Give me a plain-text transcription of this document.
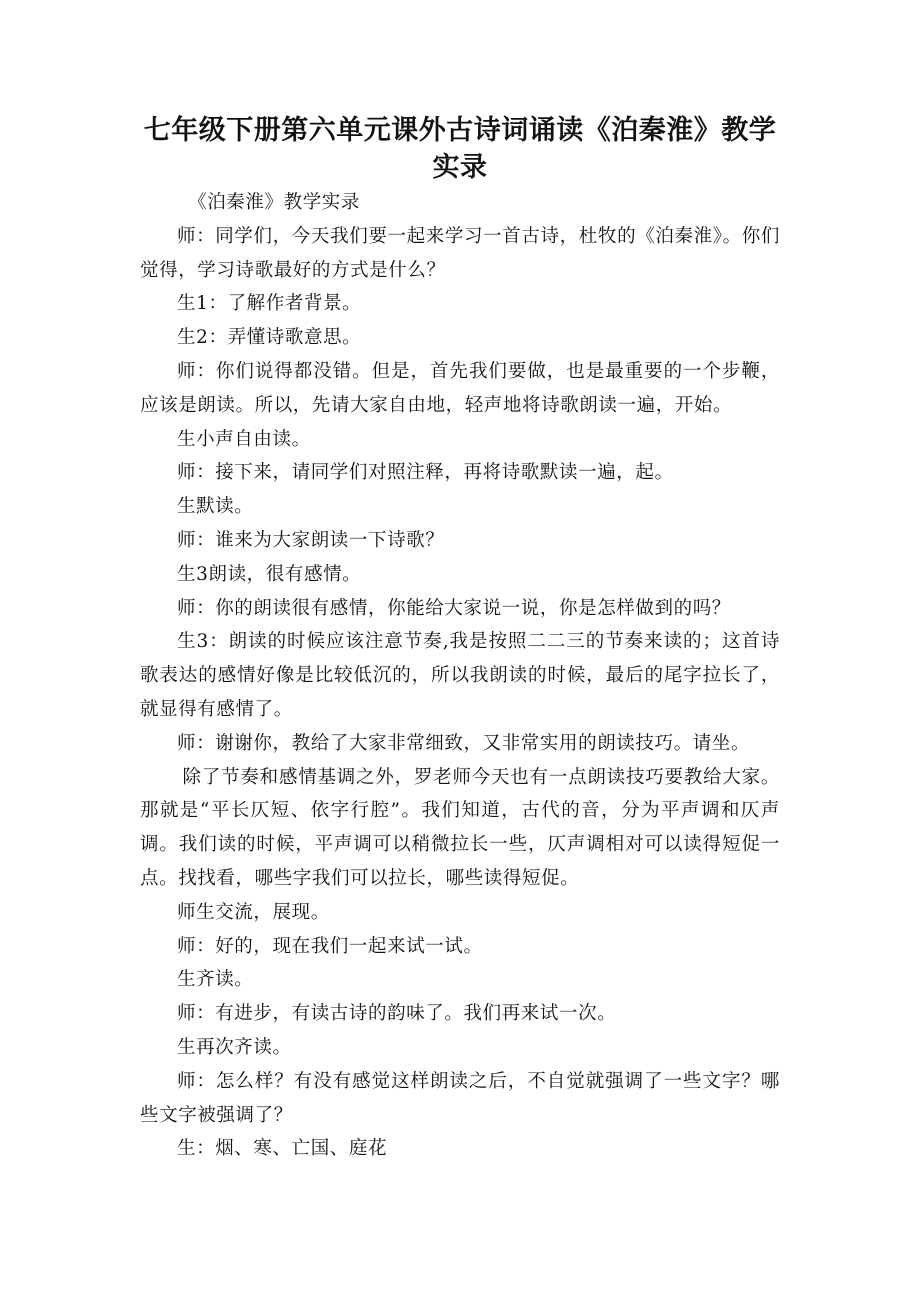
七年级下册第六单元课外古诗词诵读《泊秦淮》教学实录

《泊秦淮》教学实录

师：同学们，今天我们要一起来学习一首古诗，杜牧的《泊秦淮》。你们觉得，学习诗歌最好的方式是什么？

生1：了解作者背景。

生2：弄懂诗歌意思。

师：你们说得都没错。但是，首先我们要做，也是最重要的一个步鞭，应该是朗读。所以，先请大家自由地，轻声地将诗歌朗读一遍，开始。

生小声自由读。

师：接下来，请同学们对照注释，再将诗歌默读一遍，起。

生默读。

师：谁来为大家朗读一下诗歌？

生3朗读，很有感情。

师：你的朗读很有感情，你能给大家说一说，你是怎样做到的吗？

生3：朗读的时候应该注意节奏,我是按照二二三的节奏来读的；这首诗歌表达的感情好像是比较低沉的，所以我朗读的时候，最后的尾字拉长了，就显得有感情了。

师：谢谢你，教给了大家非常细致，又非常实用的朗读技巧。请坐。

除了节奏和感情基调之外，罗老师今天也有一点朗读技巧要教给大家。那就是“平长仄短、依字行腔”。我们知道，古代的音，分为平声调和仄声调。我们读的时候，平声调可以稍微拉长一些，仄声调相对可以读得短促一点。找找看，哪些字我们可以拉长，哪些读得短促。

师生交流，展现。

师：好的，现在我们一起来试一试。

生齐读。

师：有进步，有读古诗的韵味了。我们再来试一次。

生再次齐读。

师：怎么样？有没有感觉这样朗读之后，不自觉就强调了一些文字？哪些文字被强调了？

生：烟、寒、亡国、庭花
